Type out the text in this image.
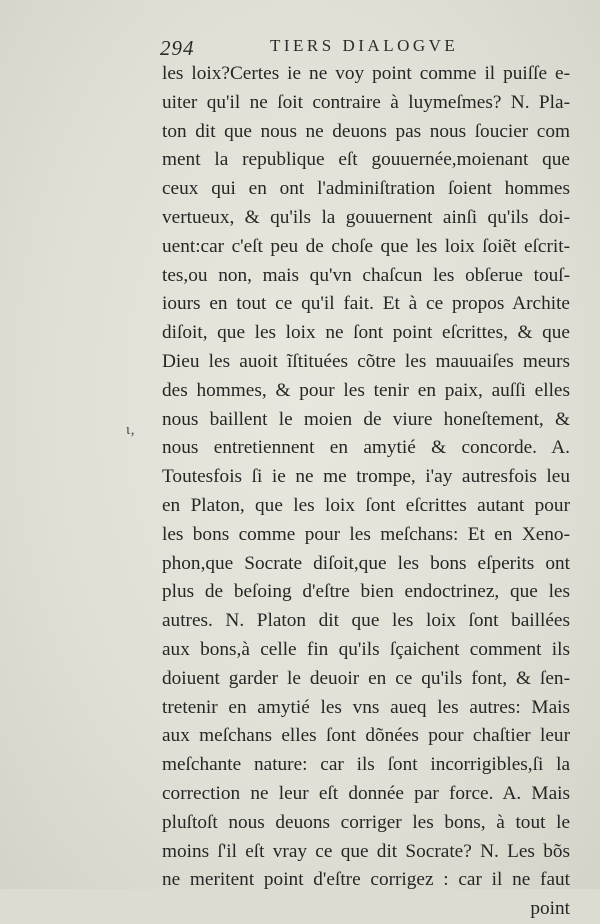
294	TIERS DIALOGVE
ɩ‚
les loix?Certes ie ne voy point comme il puiſſe e-
uiter qu'il ne ſoit contraire à luymeſmes? N. Pla-
ton dit que nous ne deuons pas nous ſoucier com
ment la republique eſt gouuernée,moienant que
ceux qui en ont l'adminiſtration ſoient hommes
vertueux, & qu'ils la gouuernent ainſi qu'ils doi-
uent:car c'eſt peu de choſe que les loix ſoiẽt eſcrit-
tes,ou non, mais qu'vn chaſcun les obſerue touſ-
iours en tout ce qu'il fait. Et à ce propos Archite
diſoit, que les loix ne ſont point eſcrittes, & que
Dieu les auoit ĩſtituées cõtre les mauuaiſes meurs
des hommes, & pour les tenir en paix, auſſi elles
nous baillent le moien de viure honeſtement, &
nous entretiennent en amytié & concorde. A.
Toutesfois ſi ie ne me trompe, i'ay autresfois leu
en Platon, que les loix ſont eſcrittes autant pour
les bons comme pour les meſchans: Et en Xeno-
phon,que Socrate diſoit,que les bons eſperits ont
plus de beſoing d'eſtre bien endoctrinez, que les
autres. N. Platon dit que les loix ſont baillées
aux bons,à celle fin qu'ils ſçaichent comment ils
doiuent garder le deuoir en ce qu'ils font, & ſen-
tretenir en amytié les vns aueq les autres: Mais
aux meſchans elles ſont dõnées pour chaſtier leur
meſchante nature: car ils ſont incorrigibles,ſi la
correction ne leur eſt donnée par force. A. Mais
pluſtoſt nous deuons corriger les bons, à tout le
moins ſ'il eſt vray ce que dit Socrate? N. Les bõs
ne meritent point d'eſtre corrigez : car il ne faut
point
